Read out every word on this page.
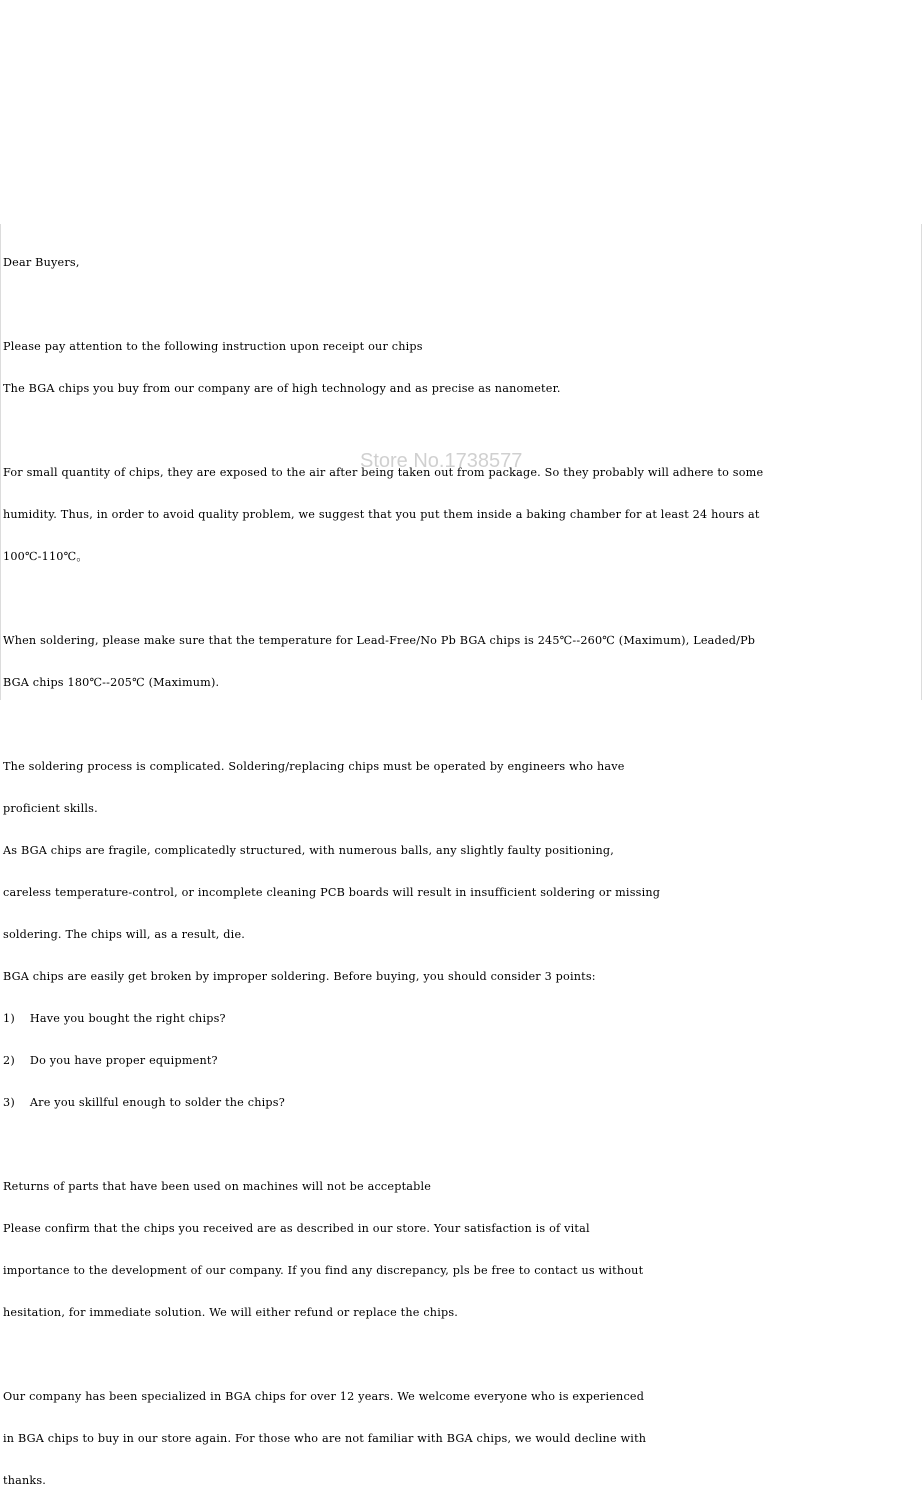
Dear Buyers,

Please pay attention to the following instruction upon receipt our chips

The BGA chips you buy from our company are of high technology and as precise as nanometer.

For small quantity of chips, they are exposed to the air after being taken out from package. So they probably will adhere to some

humidity. Thus, in order to avoid quality problem, we suggest that you put them inside a baking chamber for at least 24 hours at

100℃-110℃。

When soldering, please make sure that the temperature for Lead-Free/No Pb BGA chips is 245℃--260℃ (Maximum), Leaded/Pb

BGA chips 180℃--205℃ (Maximum).

The soldering process is complicated. Soldering/replacing chips must be operated by engineers who have

proficient skills.

As BGA chips are fragile, complicatedly structured, with numerous balls, any slightly faulty positioning,

careless temperature-control, or incomplete cleaning PCB boards will result in insufficient soldering or missing

soldering. The chips will, as a result, die.

BGA chips are easily get broken by improper soldering. Before buying, you should consider 3 points:

1)    Have you bought the right chips?

2)    Do you have proper equipment?

3)    Are you skillful enough to solder the chips?

Returns of parts that have been used on machines will not be acceptable

Please confirm that the chips you received are as described in our store. Your satisfaction is of vital

importance to the development of our company. If you find any discrepancy, pls be free to contact us without

hesitation, for immediate solution. We will either refund or replace the chips.

Our company has been specialized in BGA chips for over 12 years. We welcome everyone who is experienced

in BGA chips to buy in our store again. For those who are not familiar with BGA chips, we would decline with

thanks.

Store No.1738577
